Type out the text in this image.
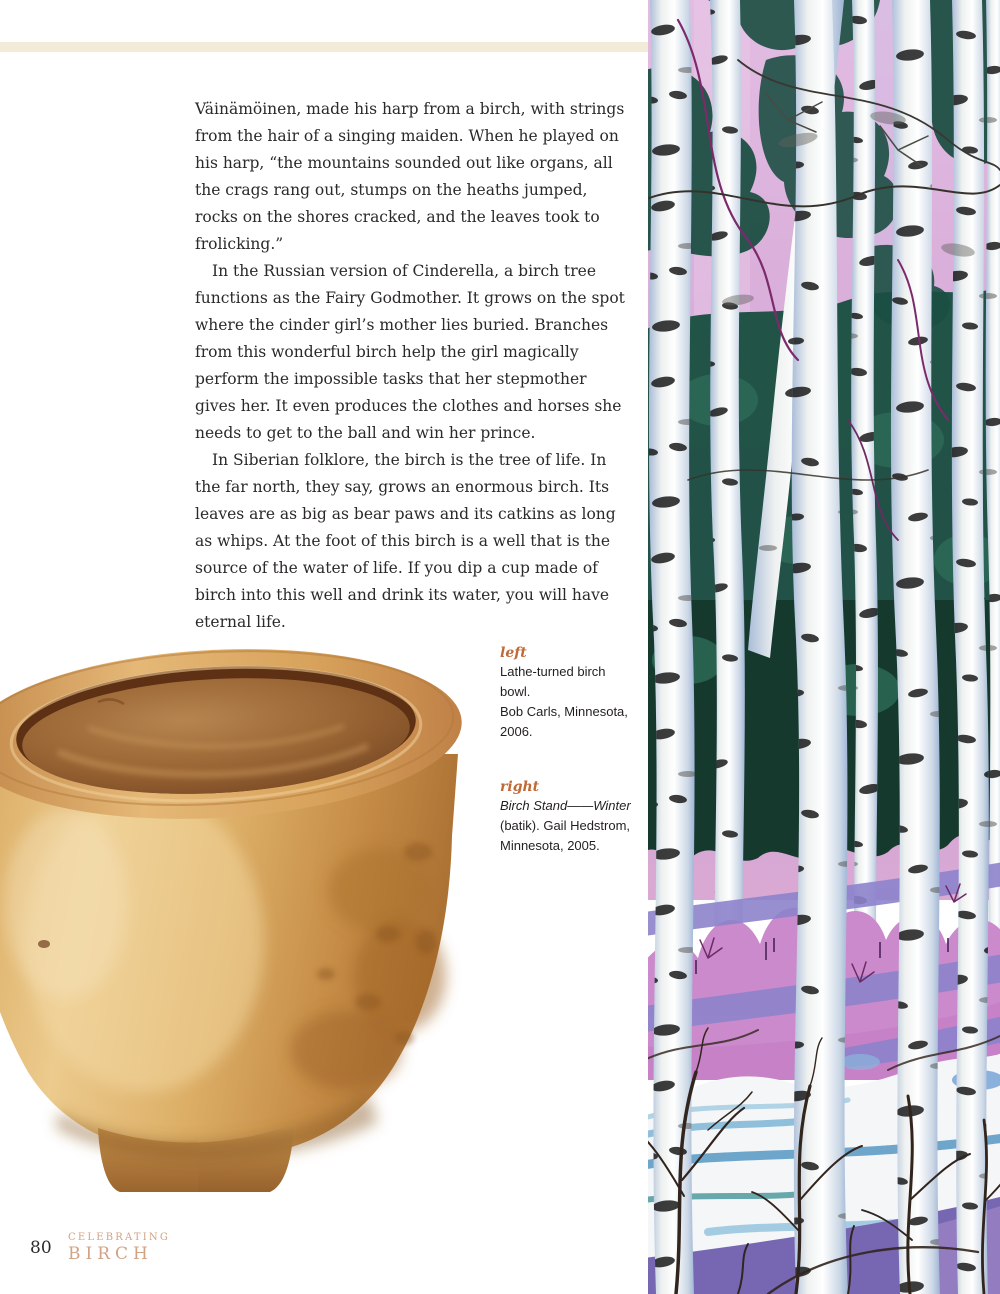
Väinämöinen, made his harp from a birch, with strings from the hair of a singing maiden. When he played on his harp, “the mountains sounded out like organs, all the crags rang out, stumps on the heaths jumped, rocks on the shores cracked, and the leaves took to frolicking.”

In the Russian version of Cinderella, a birch tree functions as the Fairy Godmother. It grows on the spot where the cinder girl’s mother lies buried. Branches from this wonderful birch help the girl magically perform the impossible tasks that her stepmother gives her. It even produces the clothes and horses she needs to get to the ball and win her prince.

In Siberian folklore, the birch is the tree of life. In the far north, they say, grows an enormous birch. Its leaves are as big as bear paws and its catkins as long as whips. At the foot of this birch is a well that is the source of the water of life. If you dip a cup made of birch into this well and drink its water, you will have eternal life.

left
Lathe-turned birch bowl.
Bob Carls, Minnesota, 2006.
right
Birch Stand——Winter
(batik). Gail Hedstrom,
Minnesota, 2005.
80
CELEBRATING
BIRCH
